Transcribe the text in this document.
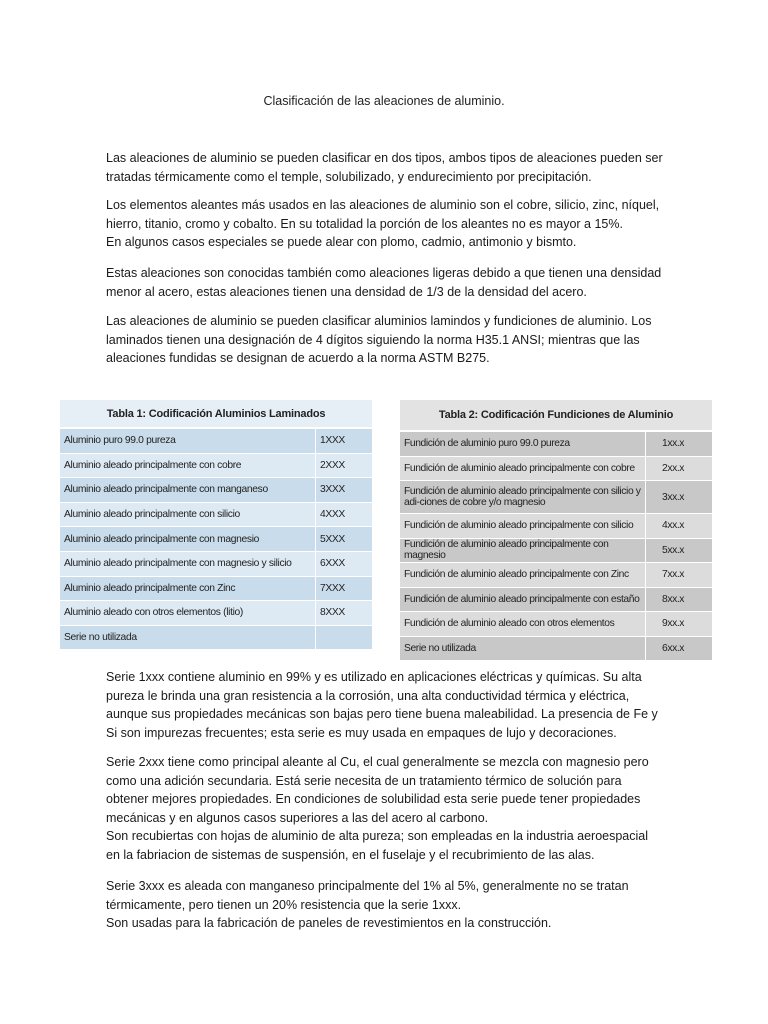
Clasificación de las aleaciones de aluminio.

Las aleaciones de aluminio se pueden clasificar en dos tipos, ambos tipos de aleaciones pueden ser
tratadas térmicamente como el temple, solubilizado, y endurecimiento por precipitación.

Los elementos aleantes más usados en las aleaciones de aluminio son el cobre, silicio, zinc, níquel,
hierro, titanio, cromo y cobalto. En su totalidad la porción de los aleantes no es mayor a 15%.
En algunos casos especiales se puede alear con plomo, cadmio, antimonio y bismto.

Estas aleaciones son conocidas también como aleaciones ligeras debido a que tienen una densidad
menor al acero, estas aleaciones tienen una densidad de 1/3 de la densidad del acero.

Las aleaciones de aluminio se pueden clasificar aluminios lamindos y fundiciones de aluminio. Los
laminados tienen una designación de 4 dígitos siguiendo la norma H35.1 ANSI; mientras que las
aleaciones fundidas se designan de acuerdo a la norma ASTM B275.

Tabla 1: Codificación Aluminios Laminados	
Aluminio puro 99.0 pureza	1XXX
Aluminio aleado principalmente con cobre	2XXX
Aluminio aleado principalmente con manganeso	3XXX
Aluminio aleado principalmente con silicio	4XXX
Aluminio aleado principalmente con magnesio	5XXX
Aluminio aleado principalmente con magnesio y silicio	6XXX
Aluminio aleado principalmente con Zinc	7XXX
Aluminio aleado con otros elementos (litio)	8XXX
Serie no utilizada	
Tabla 2: Codificación Fundiciones de Aluminio	
Fundición de aluminio puro 99.0 pureza	1xx.x
Fundición de aluminio aleado principalmente con cobre	2xx.x
Fundición de aluminio aleado principalmente con silicio y adi-ciones de cobre y/o magnesio	3xx.x
Fundición de aluminio aleado principalmente con silicio	4xx.x
Fundición de aluminio aleado principalmente con magnesio	5xx.x
Fundición de aluminio aleado principalmente con Zinc	7xx.x
Fundición de aluminio aleado principalmente con estaño	8xx.x
Fundición de aluminio aleado con otros elementos	9xx.x
Serie no utilizada	6xx.x

Serie 1xxx contiene aluminio en 99% y es utilizado en aplicaciones eléctricas y químicas. Su alta
pureza le brinda una gran resistencia a la corrosión, una alta conductividad térmica y eléctrica,
aunque sus propiedades mecánicas son bajas pero tiene buena maleabilidad. La presencia de Fe y
Si son impurezas frecuentes; esta serie es muy usada en empaques de lujo y decoraciones.

Serie 2xxx tiene como principal aleante al Cu, el cual generalmente se mezcla con magnesio pero
como una adición secundaria. Está serie necesita de un tratamiento térmico de solución para
obtener mejores propiedades. En condiciones de solubilidad esta serie puede tener propiedades
mecánicas y en algunos casos superiores a las del acero al carbono.
Son recubiertas con hojas de aluminio de alta pureza; son empleadas en la industria aeroespacial
en la fabriacion de sistemas de suspensión, en el fuselaje y el recubrimiento de las alas.

Serie 3xxx es aleada con manganeso principalmente del 1% al 5%, generalmente no se tratan
térmicamente, pero tienen un 20% resistencia que la serie 1xxx.
Son usadas para la fabricación de paneles de revestimientos en la construcción.
